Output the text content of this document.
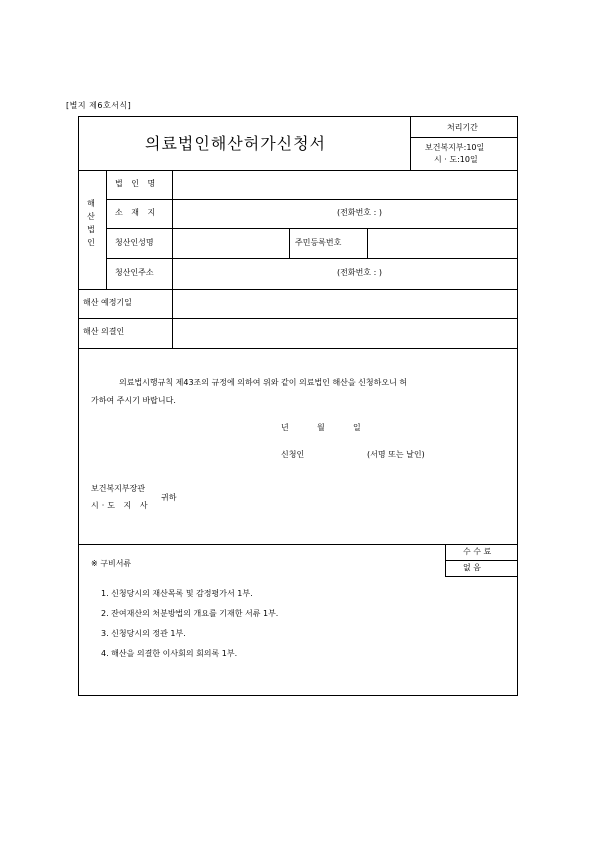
[별지 제6호서식]
의료법인해산허가신청서
처리기간
보건복지부:10일
시 · 도:10일
해
산
법
인
법 인 명
소 재 지	(전화번호 : )
청산인성명	주민등록번호
청산인주소	(전화번호 : )
해산 예정기일
해산 의결인
의료법시행규칙 제43조의 규정에 의하여 위와 같이 의료법인 해산을 신청하오니 허
가하여 주시기 바랍니다.
년	월	일
신청인	(서명 또는 날인)
보건복지부장관
시·도 지 사
귀하
※ 구비서류
수 수 료
없 음
1. 신청당시의 재산목록 및 감정평가서 1부.
2. 잔여재산의 처분방법의 개요를 기재한 서류 1부.
3. 신청당시의 정관 1부.
4. 해산을 의결한 이사회의 회의록 1부.
